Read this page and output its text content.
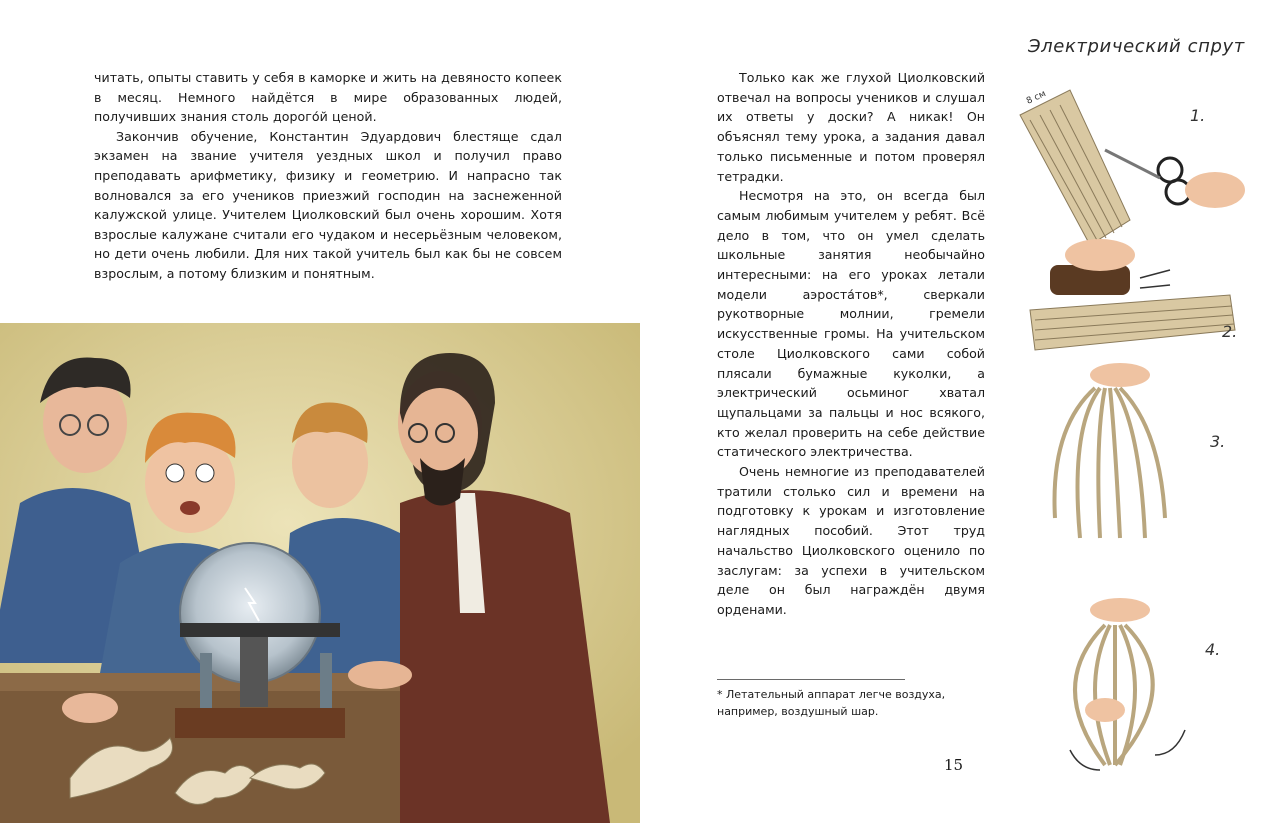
читать, опыты ставить у себя в каморке и жить на девяносто копеек в месяц. Немного найдётся в мире образованных людей, получивших знания столь дорого́й ценой.

Закончив обучение, Константин Эдуардович блестяще сдал экзамен на звание учителя уездных школ и получил право преподавать арифметику, физику и геометрию. И напрасно так волновался за его учеников приезжий господин на заснеженной калужской улице. Учителем Циолковский был очень хорошим. Хотя взрослые калужане считали его чудаком и несерьёзным человеком, но дети очень любили. Для них такой учитель был как бы не совсем взрослым, а потому близким и понятным.

Только как же глухой Циолковский отвечал на вопросы учеников и слушал их ответы у доски? А никак! Он объяснял тему урока, а задания давал только письменные и потом проверял тетрадки.

Несмотря на это, он всегда был самым любимым учителем у ребят. Всё дело в том, что он умел сделать школьные занятия необычайно интересными: на его уроках летали модели аэроста́тов*, сверкали рукотворные молнии, гремели искусственные громы. На учительском столе Циолковского сами собой плясали бумажные куколки, а электрический осьминог хватал щупальцами за пальцы и нос всякого, кто желал проверить на себе действие статического электричества.

Очень немногие из преподавателей тратили столько сил и времени на подготовку к урокам и изготовление наглядных пособий. Этот труд начальство Циолковского оценило по заслугам: за успехи в учительском деле он был награждён двумя орденами.

* Летательный аппарат легче воздуха, например, воздушный шар.
15
Электрический спрут
8 см
1.
2.
3.
4.
